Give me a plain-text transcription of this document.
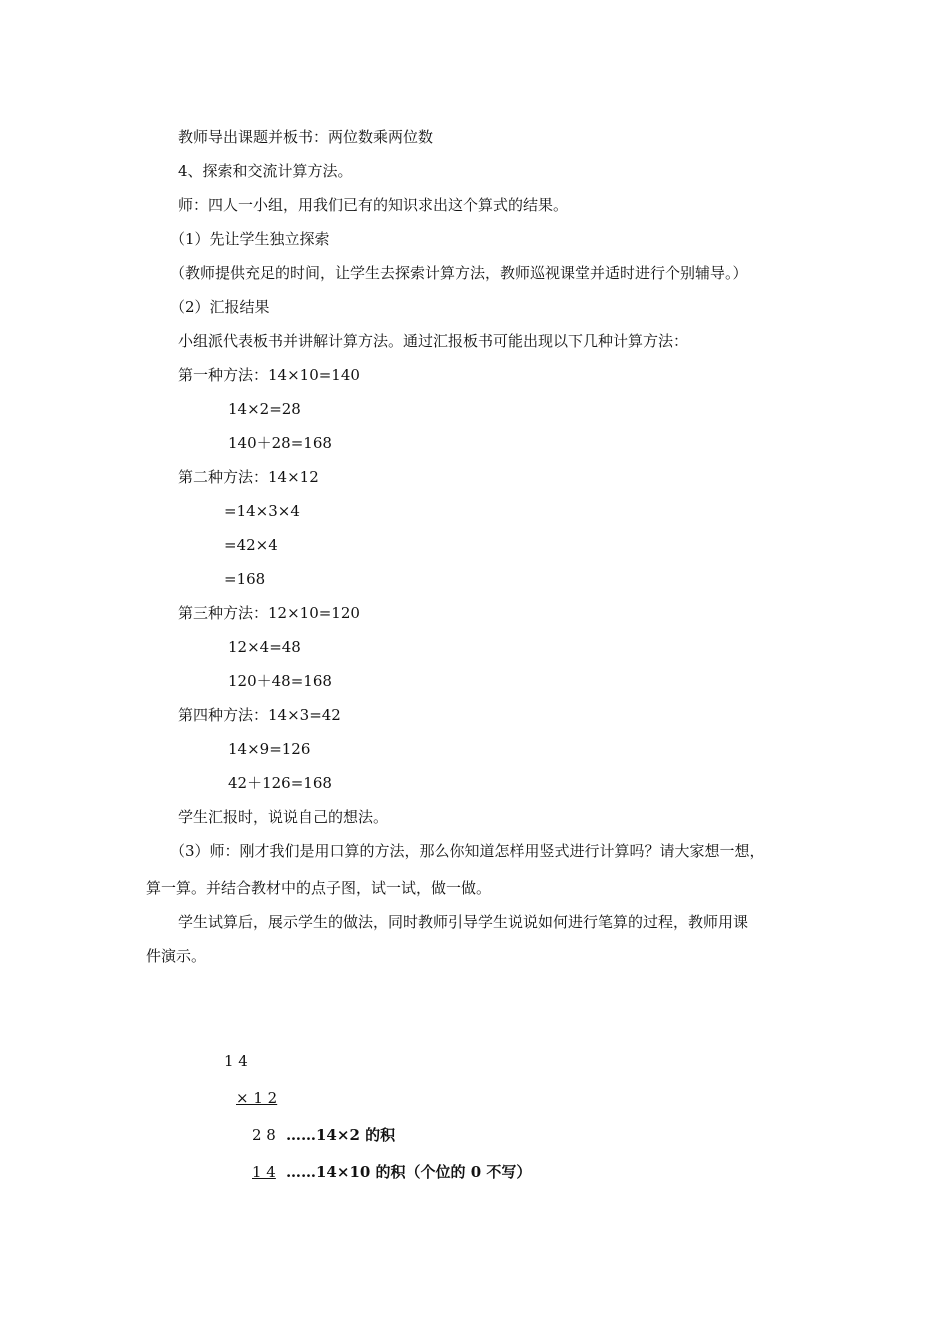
教师导出课题并板书：两位数乘两位数
4、探索和交流计算方法。
师：四人一小组，用我们已有的知识求出这个算式的结果。
（1）先让学生独立探索
（教师提供充足的时间，让学生去探索计算方法，教师巡视课堂并适时进行个别辅导。）
（2）汇报结果
小组派代表板书并讲解计算方法。通过汇报板书可能出现以下几种计算方法：
第一种方法：14×10=140
14×2=28
140＋28=168
第二种方法：14×12
=14×3×4
=42×4
=168
第三种方法：12×10=120
12×4=48
120＋48=168
第四种方法：14×3=42
14×9=126
42＋126=168
学生汇报时，说说自己的想法。
（3）师：刚才我们是用口算的方法，那么你知道怎样用竖式进行计算吗？请大家想一想，
算一算。并结合教材中的点子图，试一试，做一做。
学生试算后，展示学生的做法，同时教师引导学生说说如何进行笔算的过程，教师用课
件演示。
1 4
× 1 2
2 8 ……14×2 的积
1 4 ……14×10 的积（个位的 0 不写）
